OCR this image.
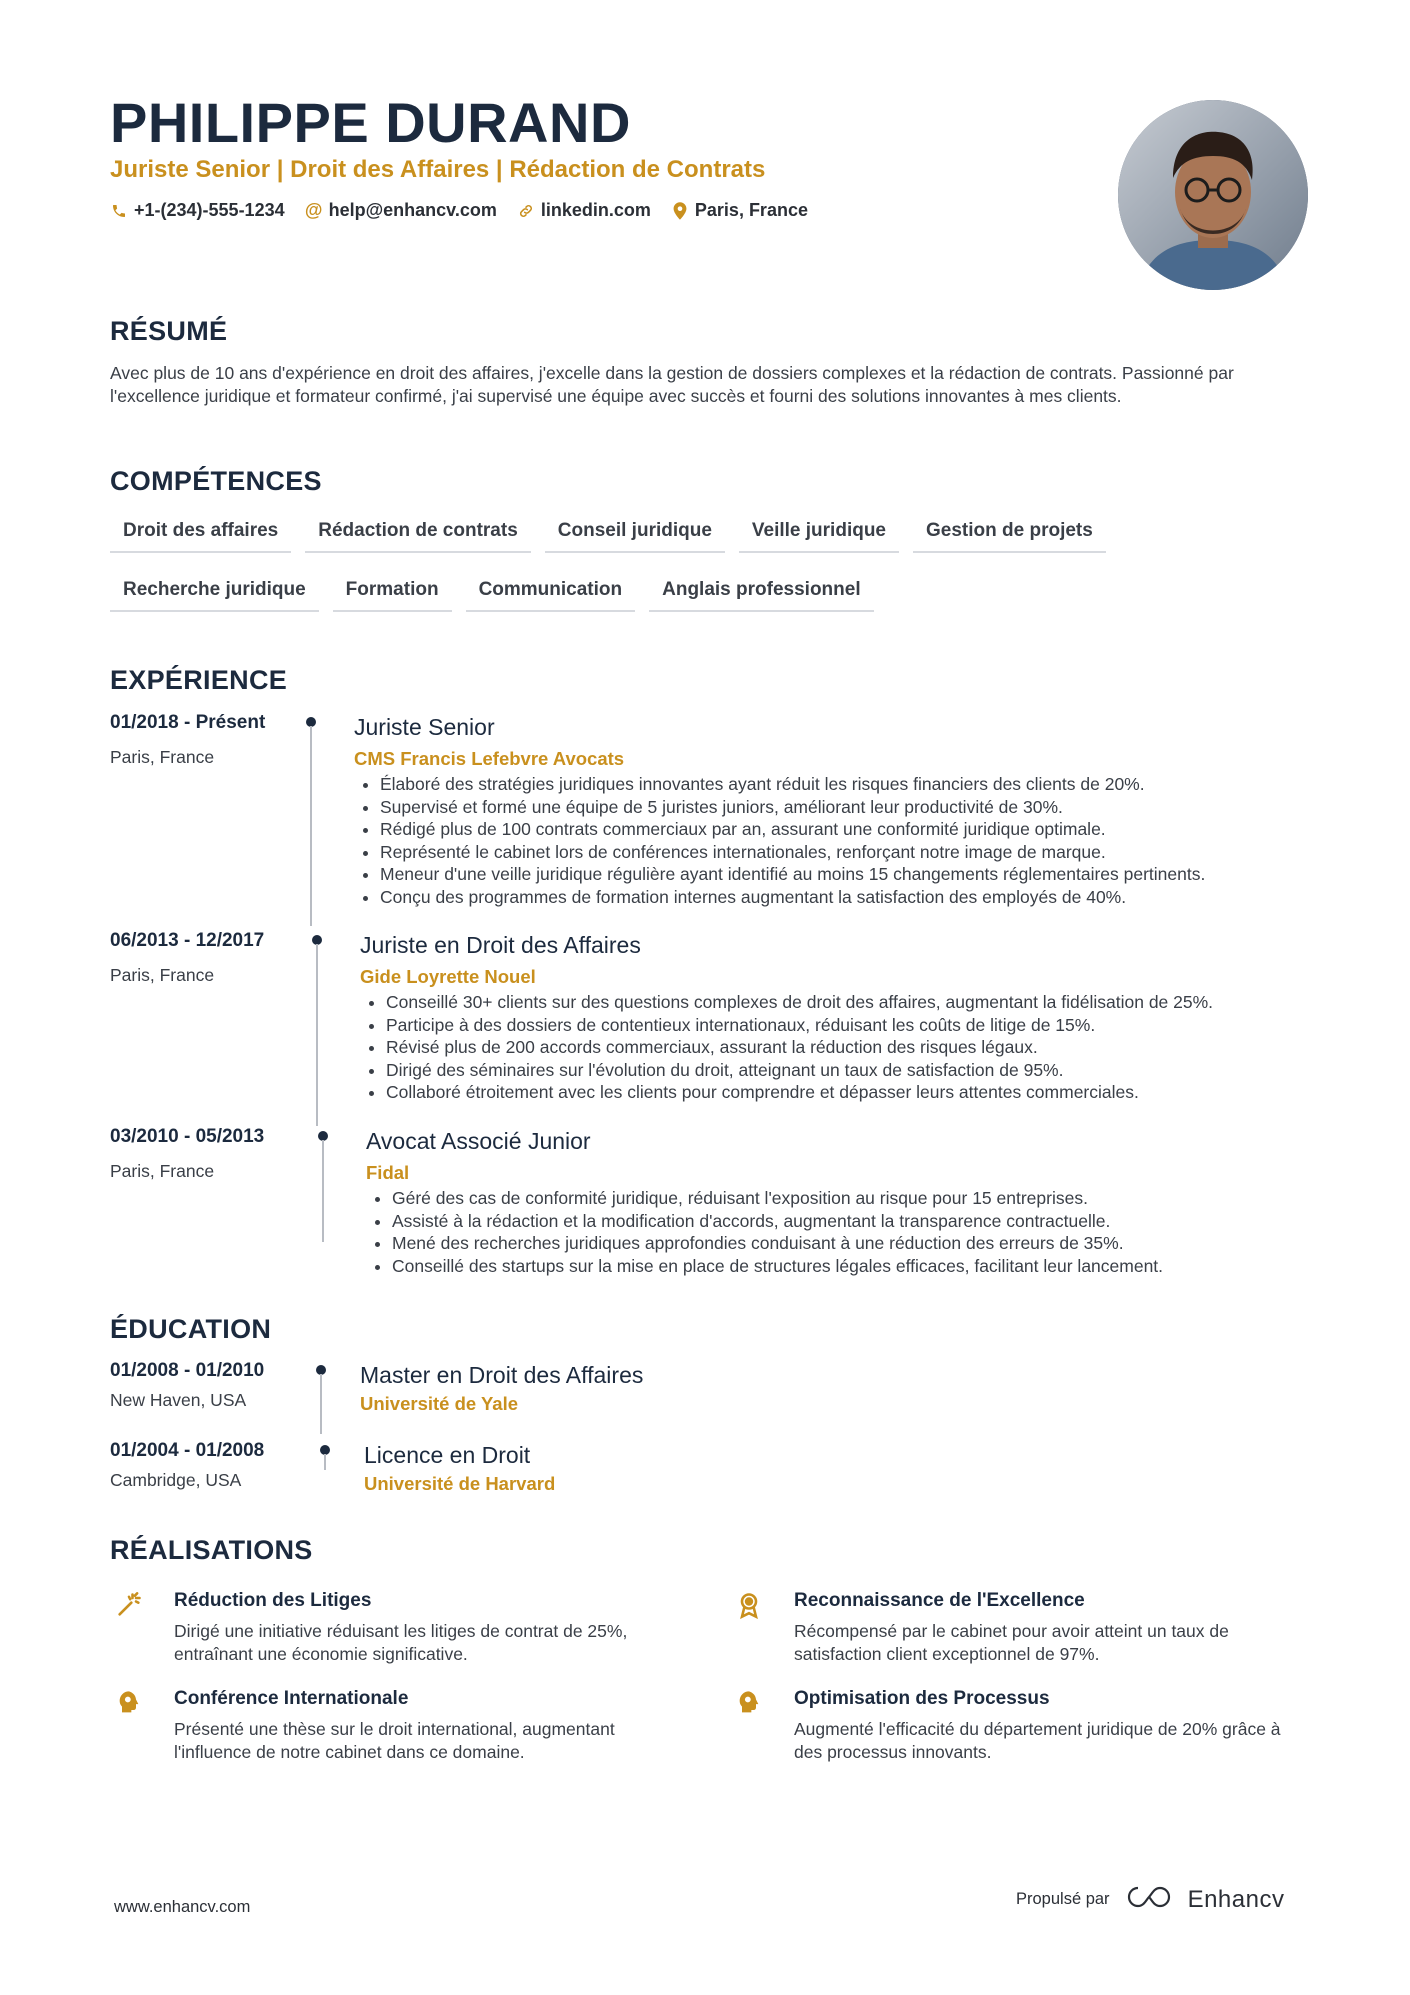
PHILIPPE DURAND
Juriste Senior | Droit des Affaires | Rédaction de Contrats
+1-(234)-555-1234 @ help@enhancv.com linkedin.com Paris, France
RÉSUMÉ
Avec plus de 10 ans d'expérience en droit des affaires, j'excelle dans la gestion de dossiers complexes et la rédaction de contrats. Passionné par l'excellence juridique et formateur confirmé, j'ai supervisé une équipe avec succès et fourni des solutions innovantes à mes clients.
COMPÉTENCES
Droit des affaires	Rédaction de contrats	Conseil juridique	Veille juridique	Gestion de projets
Recherche juridique	Formation	Communication	Anglais professionnel
EXPÉRIENCE
01/2018 - Présent
Paris, France
Juriste Senior
CMS Francis Lefebvre Avocats
• Élaboré des stratégies juridiques innovantes ayant réduit les risques financiers des clients de 20%.
• Supervisé et formé une équipe de 5 juristes juniors, améliorant leur productivité de 30%.
• Rédigé plus de 100 contrats commerciaux par an, assurant une conformité juridique optimale.
• Représenté le cabinet lors de conférences internationales, renforçant notre image de marque.
• Meneur d'une veille juridique régulière ayant identifié au moins 15 changements réglementaires pertinents.
• Conçu des programmes de formation internes augmentant la satisfaction des employés de 40%.
06/2013 - 12/2017
Paris, France
Juriste en Droit des Affaires
Gide Loyrette Nouel
• Conseillé 30+ clients sur des questions complexes de droit des affaires, augmentant la fidélisation de 25%.
• Participe à des dossiers de contentieux internationaux, réduisant les coûts de litige de 15%.
• Révisé plus de 200 accords commerciaux, assurant la réduction des risques légaux.
• Dirigé des séminaires sur l'évolution du droit, atteignant un taux de satisfaction de 95%.
• Collaboré étroitement avec les clients pour comprendre et dépasser leurs attentes commerciales.
03/2010 - 05/2013
Paris, France
Avocat Associé Junior
Fidal
• Géré des cas de conformité juridique, réduisant l'exposition au risque pour 15 entreprises.
• Assisté à la rédaction et la modification d'accords, augmentant la transparence contractuelle.
• Mené des recherches juridiques approfondies conduisant à une réduction des erreurs de 35%.
• Conseillé des startups sur la mise en place de structures légales efficaces, facilitant leur lancement.
ÉDUCATION
01/2008 - 01/2010
New Haven, USA
Master en Droit des Affaires
Université de Yale
01/2004 - 01/2008
Cambridge, USA
Licence en Droit
Université de Harvard
RÉALISATIONS
Réduction des Litiges
Dirigé une initiative réduisant les litiges de contrat de 25%, entraînant une économie significative.
Reconnaissance de l'Excellence
Récompensé par le cabinet pour avoir atteint un taux de satisfaction client exceptionnel de 97%.
Conférence Internationale
Présenté une thèse sur le droit international, augmentant l'influence de notre cabinet dans ce domaine.
Optimisation des Processus
Augmenté l'efficacité du département juridique de 20% grâce à des processus innovants.
www.enhancv.com	Propulsé par	Enhancv
